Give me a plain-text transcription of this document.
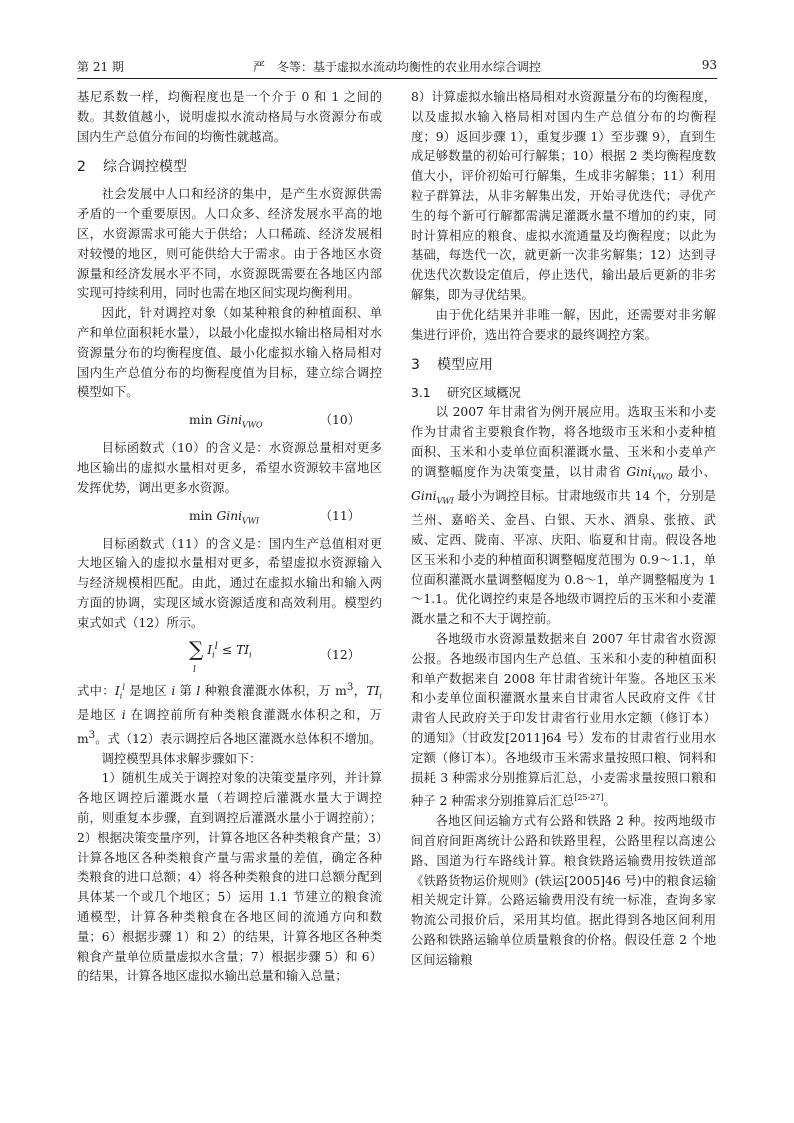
第 21 期	严　冬等：基于虚拟水流动均衡性的农业用水综合调控	93

基尼系数一样，均衡程度也是一个介于 0 和 1 之间的数。其数值越小，说明虚拟水流动格局与水资源分布或国内生产总值分布间的均衡性就越高。

2 综合调控模型

社会发展中人口和经济的集中，是产生水资源供需矛盾的一个重要原因。人口众多、经济发展水平高的地区，水资源需求可能大于供给；人口稀疏、经济发展相对较慢的地区，则可能供给大于需求。由于各地区水资源量和经济发展水平不同，水资源既需要在各地区内部实现可持续利用，同时也需在地区间实现均衡利用。

因此，针对调控对象（如某种粮食的种植面积、单产和单位面积耗水量），以最小化虚拟水输出格局相对水资源量分布的均衡程度值、最小化虚拟水输入格局相对国内生产总值分布的均衡程度值为目标，建立综合调控模型如下。

min Gini$_{VWO}$	（10）

目标函数式（10）的含义是：水资源总量相对更多地区输出的虚拟水量相对更多，希望水资源较丰富地区发挥优势，调出更多水资源。

min Gini$_{VWI}$	（11）

目标函数式（11）的含义是：国内生产总值相对更大地区输入的虚拟水量相对更多，希望虚拟水资源输入与经济规模相匹配。由此，通过在虚拟水输出和输入两方面的协调，实现区域水资源适度和高效利用。模型约束式如式（12）所示。

∑
l
$I_i^l \le TI_i$	（12）

式中：$I_i^l$ 是地区 i 第 l 种粮食灌溉水体积，万 $m^3$，$TI_i$ 是地区 i 在调控前所有种类粮食灌溉水体积之和，万 $m^3$。式（12）表示调控后各地区灌溉水总体积不增加。

调控模型具体求解步骤如下：

1）随机生成关于调控对象的决策变量序列，并计算各地区调控后灌溉水量（若调控后灌溉水量大于调控前，则重复本步骤，直到调控后灌溉水量小于调控前）；2）根据决策变量序列，计算各地区各种类粮食产量；3）计算各地区各种类粮食产量与需求量的差值，确定各种类粮食的进口总额；4）将各种类粮食的进口总额分配到具体某一个或几个地区；5）运用 1.1 节建立的粮食流通模型，计算各种类粮食在各地区间的流通方向和数量；6）根据步骤 1）和 2）的结果，计算各地区各种类粮食产量单位质量虚拟水含量；7）根据步骤 5）和 6）的结果，计算各地区虚拟水输出总量和输入总量；

8）计算虚拟水输出格局相对水资源量分布的均衡程度，以及虚拟水输入格局相对国内生产总值分布的均衡程度；9）返回步骤 1），重复步骤 1）至步骤 9），直到生成足够数量的初始可行解集；10）根据 2 类均衡程度数值大小，评价初始可行解集，生成非劣解集；11）利用粒子群算法，从非劣解集出发，开始寻优迭代；寻优产生的每个新可行解都需满足灌溉水量不增加的约束，同时计算相应的粮食、虚拟水流通量及均衡程度；以此为基础，每迭代一次，就更新一次非劣解集；12）达到寻优迭代次数设定值后，停止迭代，输出最后更新的非劣解集，即为寻优结果。

由于优化结果并非唯一解，因此，还需要对非劣解集进行评价，选出符合要求的最终调控方案。

3 模型应用
3.1 研究区域概况

以 2007 年甘肃省为例开展应用。选取玉米和小麦作为甘肃省主要粮食作物，将各地级市玉米和小麦种植面积、玉米和小麦单位面积灌溉水量、玉米和小麦单产的调整幅度作为决策变量，以甘肃省 Gini$_{VWO}$ 最小、Gini$_{VWI}$ 最小为调控目标。甘肃地级市共 14 个，分别是兰州、嘉峪关、金昌、白银、天水、酒泉、张掖、武威、定西、陇南、平凉、庆阳、临夏和甘南。假设各地区玉米和小麦的种植面积调整幅度范围为 0.9～1.1，单位面积灌溉水量调整幅度为 0.8～1，单产调整幅度为 1～1.1。优化调控约束是各地级市调控后的玉米和小麦灌溉水量之和不大于调控前。

各地级市水资源量数据来自 2007 年甘肃省水资源公报。各地级市国内生产总值、玉米和小麦的种植面积和单产数据来自 2008 年甘肃省统计年鉴。各地区玉米和小麦单位面积灌溉水量来自甘肃省人民政府文件《甘肃省人民政府关于印发甘肃省行业用水定额（修订本）的通知》（甘政发[2011]64 号）发布的甘肃省行业用水定额（修订本）。各地级市玉米需求量按照口粮、饲料和损耗 3 种需求分别推算后汇总，小麦需求量按照口粮和种子 2 种需求分别推算后汇总[25-27]。

各地区间运输方式有公路和铁路 2 种。按两地级市间首府间距离统计公路和铁路里程，公路里程以高速公路、国道为行车路线计算。粮食铁路运输费用按铁道部《铁路货物运价规则》(铁运[2005]46 号)中的粮食运输相关规定计算。公路运输费用没有统一标准，查询多家物流公司报价后，采用其均值。据此得到各地区间利用公路和铁路运输单位质量粮食的价格。假设任意 2 个地区间运输粮
